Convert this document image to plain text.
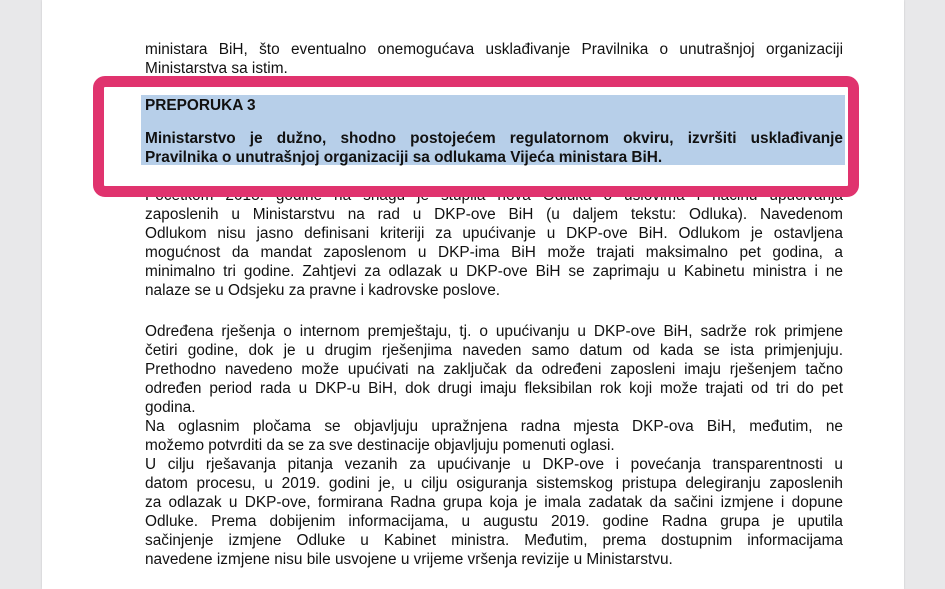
ministara BiH, što eventualno onemogućava usklađivanje Pravilnika o unutrašnjoj organizaciji
Ministarstva sa istim.
PREPORUKA 3
Ministarstvo je dužno, shodno postojećem regulatornom okviru, izvršiti usklađivanje
Pravilnika o unutrašnjoj organizaciji sa odlukama Vijeća ministara BiH.
Početkom 2018. godine na snagu je stupila nova Odluka o uslovima i načinu upućivanja
zaposlenih u Ministarstvu na rad u DKP-ove BiH (u daljem tekstu: Odluka). Navedenom
Odlukom nisu jasno definisani kriteriji za upućivanje u DKP-ove BiH. Odlukom je ostavljena
mogućnost da mandat zaposlenom u DKP-ima BiH može trajati maksimalno pet godina, a
minimalno tri godine. Zahtjevi za odlazak u DKP-ove BiH se zaprimaju u Kabinetu ministra i ne
nalaze se u Odsjeku za pravne i kadrovske poslove.
Određena rješenja o internom premještaju, tj. o upućivanju u DKP-ove BiH, sadrže rok primjene
četiri godine, dok je u drugim rješenjima naveden samo datum od kada se ista primjenjuju.
Prethodno navedeno može upućivati na zaključak da određeni zaposleni imaju rješenjem tačno
određen period rada u DKP-u BiH, dok drugi imaju fleksibilan rok koji može trajati od tri do pet
godina.
Na oglasnim pločama se objavljuju upražnjena radna mjesta DKP-ova BiH, međutim, ne
možemo potvrditi da se za sve destinacije objavljuju pomenuti oglasi.
U cilju rješavanja pitanja vezanih za upućivanje u DKP-ove i povećanja transparentnosti u
datom procesu, u 2019. godini je, u cilju osiguranja sistemskog pristupa delegiranju zaposlenih
za odlazak u DKP-ove, formirana Radna grupa koja je imala zadatak da sačini izmjene i dopune
Odluke. Prema dobijenim informacijama, u augustu 2019. godine Radna grupa je uputila
sačinjenje izmjene Odluke u Kabinet ministra. Međutim, prema dostupnim informacijama
navedene izmjene nisu bile usvojene u vrijeme vršenja revizije u Ministarstvu.
